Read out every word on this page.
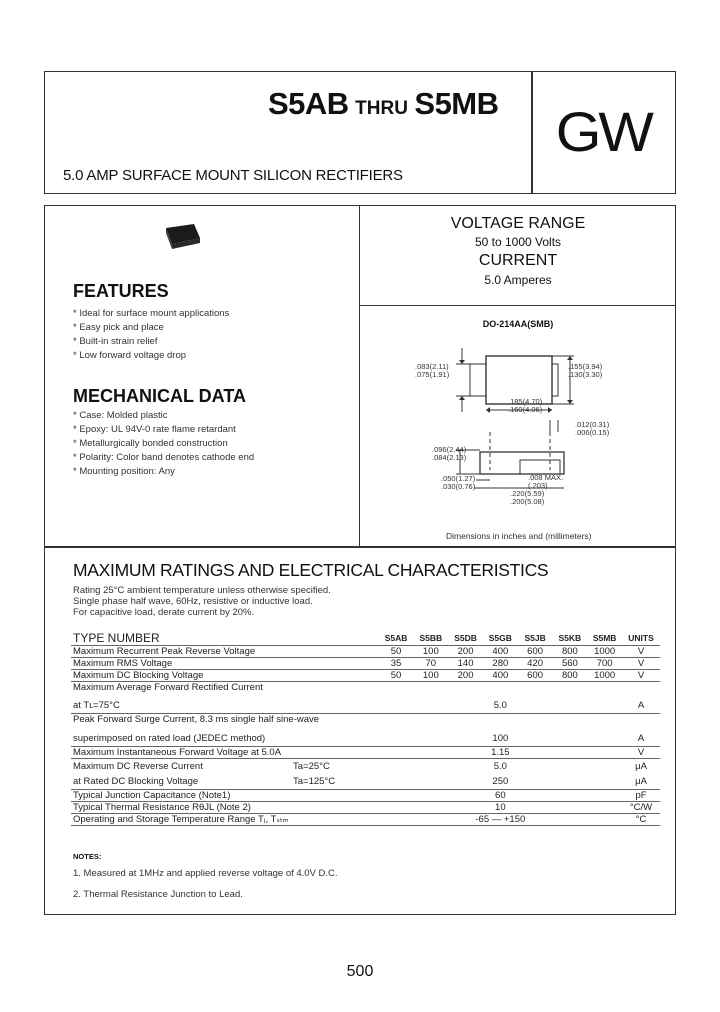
S5AB THRU S5MB
5.0 AMP SURFACE MOUNT SILICON RECTIFIERS
GW
FEATURES
* Ideal for surface mount applications
* Easy pick and place
* Built-in strain relief
* Low forward voltage drop
MECHANICAL DATA
* Case: Molded plastic
* Epoxy: UL 94V-0 rate flame retardant
* Metallurgically bonded construction
* Polarity: Color band denotes cathode end
* Mounting position: Any
VOLTAGE RANGE
50 to 1000 Volts
CURRENT
5.0 Amperes
DO-214AA(SMB)
.083(2.11)
.075(1.91)
.155(3.94)
.130(3.30)
.185(4.70)
.160(4.06)
.012(0.31)
.006(0.15)
.096(2.44)
.084(2.13)
.050(1.27)
.030(0.76)
.008 MAX.
(.203)
.220(5.59)
.200(5.08)
Dimensions in inches and (millimeters)
MAXIMUM RATINGS AND ELECTRICAL CHARACTERISTICS
Rating 25°C ambient temperature unless otherwise specified.
Single phase half wave, 60Hz, resistive or inductive load.
For capacitive load, derate current by 20%.
TYPE NUMBER	S5AB	S5BB	S5DB	S5GB	S5JB	S5KB	S5MB	UNITS
Maximum Recurrent Peak Reverse Voltage	50	100	200	400	600	800	1000	V
Maximum RMS Voltage	35	70	140	280	420	560	700	V
Maximum DC Blocking Voltage	50	100	200	400	600	800	1000	V
Maximum Average Forward Rectified Current								
at Tʟ=75°C	5.0							A
Peak Forward Surge Current, 8.3 ms single half sine-wave								
superimposed on rated load (JEDEC method)	100							A
Maximum Instantaneous Forward Voltage at 5.0A	1.15							V
Maximum DC Reverse Current Ta=25°C	5.0							μA
at Rated DC Blocking Voltage Ta=125°C	250							μA
Typical Junction Capacitance (Note1)	60							pF
Typical Thermal Resistance RθJL (Note 2)	10							°C/W
Operating and Storage Temperature Range Tⱼ, Tₛₜₘ	-65 — +150							°C
NOTES:
1. Measured at 1MHz and applied reverse voltage of 4.0V D.C.
2. Thermal Resistance Junction to Lead.
500
